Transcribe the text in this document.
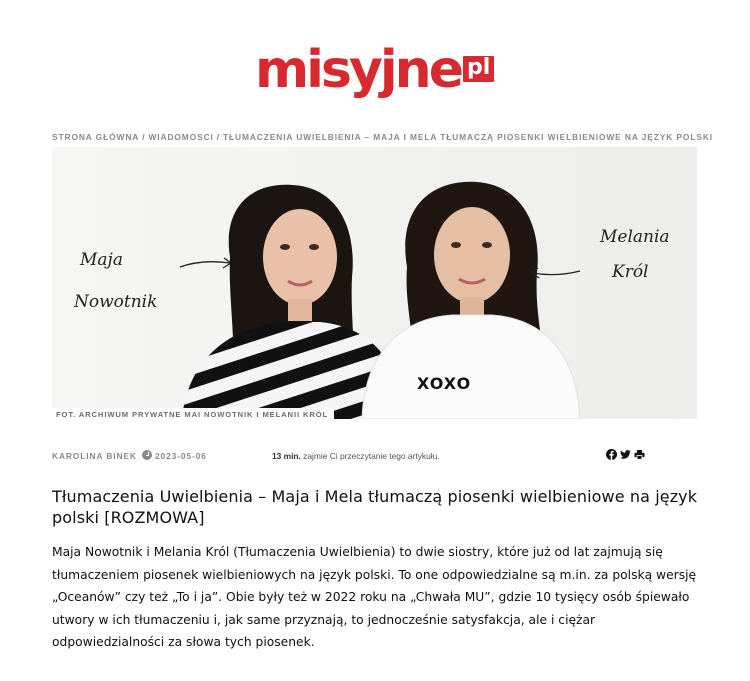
misyjne pl
STRONA GŁÓWNA / WIADOMOSCI / TŁUMACZENIA UWIELBIENIA – MAJA I MELA TŁUMACZĄ PIOSENKI WIELBIENIOWE NA JĘZYK POLSKI
Maja
Nowotnik
Melania
Król
XOXO
FOT. ARCHIWUM PRYWATNE MAI NOWOTNIK I MELANII KRÓL
KAROLINA BINEK 2023-05-06	13 min. zajmie Ci przeczytanie tego artykułu.
Tłumaczenia Uwielbienia – Maja i Mela tłumaczą piosenki wielbieniowe na język polski [ROZMOWA]

Maja Nowotnik i Melania Król (Tłumaczenia Uwielbienia) to dwie siostry, które już od lat zajmują się tłumaczeniem piosenek wielbieniowych na język polski. To one odpowiedzialne są m.in. za polską wersję „Oceanów” czy też „To i ja”. Obie były też w 2022 roku na „Chwała MU”, gdzie 10 tysięcy osób śpiewało utwory w ich tłumaczeniu i, jak same przyznają, to jednocześnie satysfakcja, ale i ciężar odpowiedzialności za słowa tych piosenek.
